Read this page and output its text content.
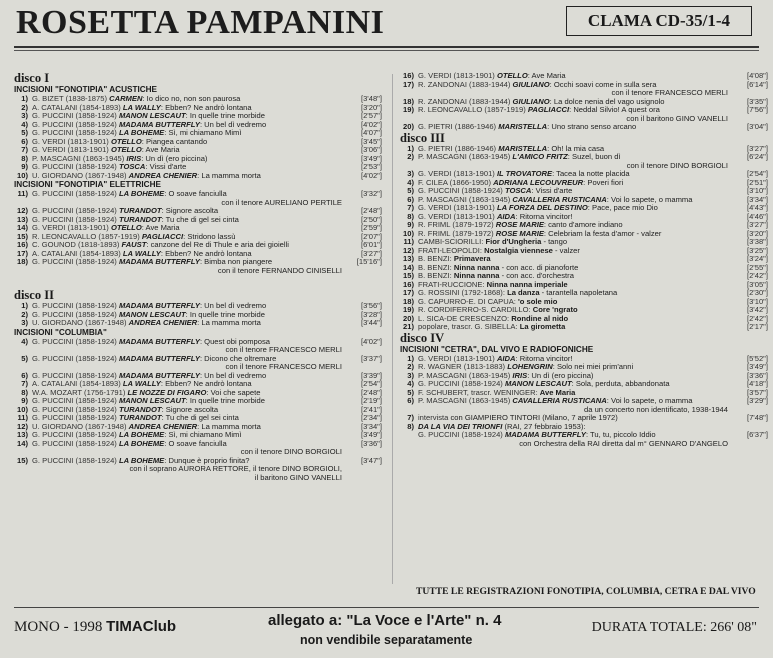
ROSETTA PAMPANINI	CLAMA CD-35/1-4
disco I
INCISIONI "FONOTIPIA" ACUSTICHE
1) G. BIZET (1838-1875) CARMEN: Io dico no, non son paurosa	[3'48"]
2) A. CATALANI (1854-1893) LA WALLY: Ebben? Ne andrò lontana	[3'20"]
3) G. PUCCINI (1858-1924) MANON LESCAUT: In quelle trine morbide	[2'57"]
4) G. PUCCINI (1858-1924) MADAMA BUTTERFLY: Un bel dì vedremo	[4'02"]
5) G. PUCCINI (1858-1924) LA BOHEME: Sì, mi chiamano Mimì	[4'07"]
6) G. VERDI (1813-1901) OTELLO: Piangea cantando	[3'45"]
7) G. VERDI (1813-1901) OTELLO: Ave Maria	[3'06"]
8) P. MASCAGNI (1863-1945) IRIS: Un dì (ero piccina)	[3'49"]
9) G. PUCCINI (1858-1924) TOSCA: Vissi d'arte	[2'53"]
10) U. GIORDANO (1867-1948) ANDREA CHENIER: La mamma morta	[4'02"]
INCISIONI "FONOTIPIA" ELETTRICHE
11) G. PUCCINI (1858-1924) LA BOHEME: O soave fanciulla	[3'32"]
con il tenore AURELIANO PERTILE
12) G. PUCCINI (1858-1924) TURANDOT: Signore ascolta	[2'48"]
13) G. PUCCINI (1858-1924) TURANDOT: Tu che di gel sei cinta	[2'50"]
14) G. VERDI (1813-1901) OTELLO: Ave Maria	[2'59"]
15) R. LEONCAVALLO (1857-1919) PAGLIACCI: Stridono lassù	[2'07"]
16) C. GOUNOD (1818-1893) FAUST: canzone del Re di Thule e aria dei gioielli	[6'01"]
17) A. CATALANI (1854-1893) LA WALLY: Ebben? Ne andrò lontana	[3'27"]
18) G. PUCCINI (1858-1924) MADAMA BUTTERFLY: Bimba non piangere	[15'16"]
con il tenore FERNANDO CINISELLI
disco II
1) G. PUCCINI (1858-1924) MADAMA BUTTERFLY: Un bel dì vedremo	[3'56"]
2) G. PUCCINI (1858-1924) MANON LESCAUT: In quelle trine morbide	[3'28"]
3) U. GIORDANO (1867-1948) ANDREA CHENIER: La mamma morta	[3'44"]
INCISIONI "COLUMBIA"
4) G. PUCCINI (1858-1924) MADAMA BUTTERFLY: Quest obi pomposa	[4'02"]
con il tenore FRANCESCO MERLI
5) G. PUCCINI (1858-1924) MADAMA BUTTERFLY: Dicono che oltremare	[3'37"]
con il tenore FRANCESCO MERLI
6) G. PUCCINI (1858-1924) MADAMA BUTTERFLY: Un bel dì vedremo	[3'39"]
7) A. CATALANI (1854-1893) LA WALLY: Ebben? Ne andrò lontana	[2'54"]
8) W.A. MOZART (1756-1791) LE NOZZE DI FIGARO: Voi che sapete	[2'48"]
9) G. PUCCINI (1858-1924) MANON LESCAUT: In quelle trine morbide	[2'19"]
10) G. PUCCINI (1858-1924) TURANDOT: Signore ascolta	[2'41"]
11) G. PUCCINI (1858-1924) TURANDOT: Tu che di gel sei cinta	[2'34"]
12) U. GIORDANO (1867-1948) ANDREA CHENIER: La mamma morta	[3'34"]
13) G. PUCCINI (1858-1924) LA BOHEME: Sì, mi chiamano Mimì	[3'49"]
14) G. PUCCINI (1858-1924) LA BOHEME: O soave fanciulla	[3'36"]
con il tenore DINO BORGIOLI
15) G. PUCCINI (1858-1924) LA BOHEME: Dunque è proprio finita?	[3'47"]
con il soprano AURORA RETTORE, il tenore DINO BORGIOLI,
il baritono GINO VANELLI
16) G. VERDI (1813-1901) OTELLO: Ave Maria	[4'08"]
17) R. ZANDONAI (1883-1944) GIULIANO: Occhi soavi come in sulla sera	[6'14"]
con il tenore FRANCESCO MERLI
18) R. ZANDONAI (1883-1944) GIULIANO: La dolce nenia del vago usignolo	[3'35"]
19) R. LEONCAVALLO (1857-1919) PAGLIACCI: Neddal Silvio! A quest ora	[7'56"]
con il baritono GINO VANELLI
20) G. PIETRI (1886-1946) MARISTELLA: Uno strano senso arcano	[3'04"]
disco III
1) G. PIETRI (1886-1946) MARISTELLA: Oh! la mia casa	[3'27"]
2) P. MASCAGNI (1863-1945) L'AMICO FRITZ: Suzel, buon dì	[6'24"]
con il tenore DINO BORGIOLI
3) G. VERDI (1813-1901) IL TROVATORE: Tacea la notte placida	[2'54"]
4) F. CILEA (1866-1950) ADRIANA LECOUVREUR: Poveri fiori	[2'51"]
5) G. PUCCINI (1858-1924) TOSCA: Vissi d'arte	[3'10"]
6) P. MASCAGNI (1863-1945) CAVALLERIA RUSTICANA: Voi lo sapete, o mamma	[3'34"]
7) G. VERDI (1813-1901) LA FORZA DEL DESTINO: Pace, pace mio Dio	[4'43"]
8) G. VERDI (1813-1901) AIDA: Ritorna vincitor!	[4'46"]
9) R. FRIML (1879-1972) ROSE MARIE: canto d'amore indiano	[3'27"]
10) R. FRIML (1879-1972) ROSE MARIE: Celebriam la festa d'amor - valzer	[3'20"]
11) CAMBI-SCIORILLI: Fior d'Ungheria - tango	[3'38"]
12) FRATI-LEOPOLDI: Nostalgia viennese - valzer	[3'25"]
13) B. BENZI: Primavera	[3'24"]
14) B. BENZI: Ninna nanna - con acc. di pianoforte	[2'55"]
15) B. BENZI: Ninna nanna - con acc. d'orchestra	[2'42"]
16) FRATI-RUCCIONE: Ninna nanna imperiale	[3'05"]
17) G. ROSSINI (1792-1868): La danza - tarantella napoletana	[2'30"]
18) G. CAPURRO-E. DI CAPUA: 'o sole mio	[3'10"]
19) R. CORDIFERRO-S. CARDILLO: Core 'ngrato	[3'42"]
20) L. SICA-DE CRESCENZO: Rondine al nido	[2'42"]
21) popolare, trascr. G. SIBELLA: La girometta	[2'17"]
disco IV
INCISIONI "CETRA", DAL VIVO E RADIOFONICHE
1) G. VERDI (1813-1901) AIDA: Ritorna vincitor!	[5'52"]
2) R. WAGNER (1813-1883) LOHENGRIN: Solo nei miei prim'anni	[3'49"]
3) P. MASCAGNI (1863-1945) IRIS: Un dì (ero piccina)	[3'36"]
4) G. PUCCINI (1858-1924) MANON LESCAUT: Sola, perduta, abbandonata	[4'18"]
5) F. SCHUBERT, trascr. WENINGER: Ave Maria	[3'57"]
6) P. MASCAGNI (1863-1945) CAVALLERIA RUSTICANA: Voi lo sapete, o mamma	[3'29"]
da un concerto non identificato, 1938-1944
7) intervista con GIAMPIERO TINTORI (Milano, 7 aprile 1972)	[7'48"]
8) DA LA VIA DEI TRIONFI (RAI, 27 febbraio 1953):
G. PUCCINI (1858-1924) MADAMA BUTTERFLY: Tu, tu, piccolo Iddio	[6'37"]
con Orchestra della RAI diretta dal m° GENNARO D'ANGELO
TUTTE LE REGISTRAZIONI FONOTIPIA, COLUMBIA, CETRA E DAL VIVO
MONO - 1998 TIMAClub	allegato a: "La Voce e l'Arte" n. 4
non vendibile separatamente
DURATA TOTALE: 266' 08"
